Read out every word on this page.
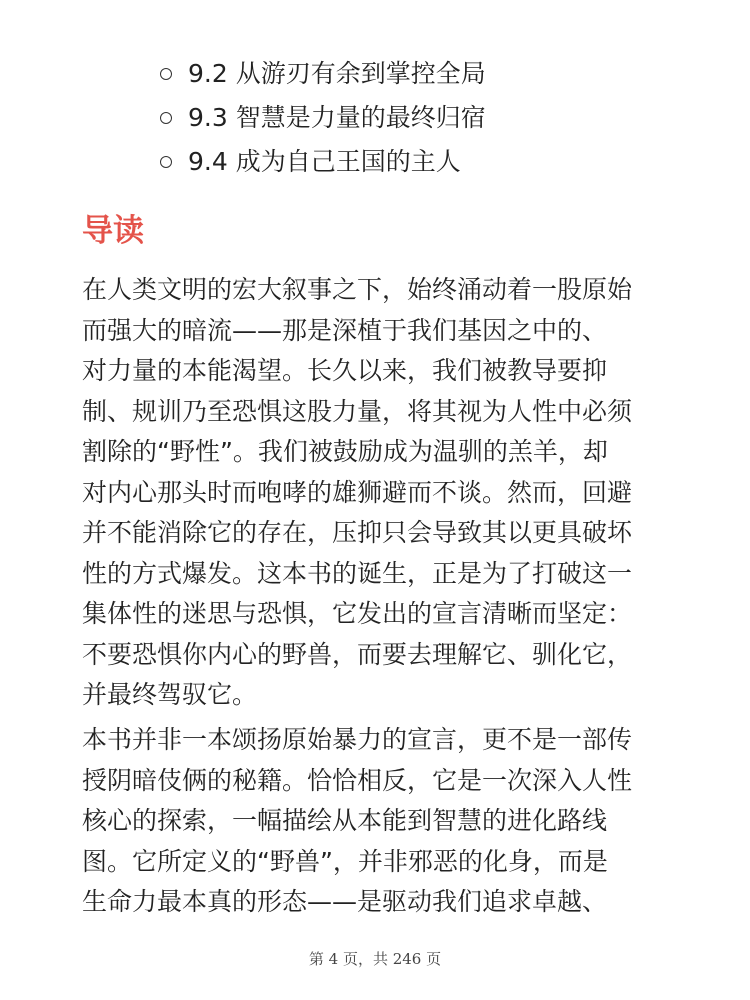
9.2 从游刃有余到掌控全局
9.3 智慧是力量的最终归宿
9.4 成为自己王国的主人
导读

在人类文明的宏大叙事之下，始终涌动着一股原始
而强大的暗流——那是深植于我们基因之中的、
对力量的本能渴望。长久以来，我们被教导要抑
制、规训乃至恐惧这股力量，将其视为人性中必须
割除的“野性”。我们被鼓励成为温驯的羔羊，却
对内心那头时而咆哮的雄狮避而不谈。然而，回避
并不能消除它的存在，压抑只会导致其以更具破坏
性的方式爆发。这本书的诞生，正是为了打破这一
集体性的迷思与恐惧，它发出的宣言清晰而坚定：
不要恐惧你内心的野兽，而要去理解它、驯化它，
并最终驾驭它。

本书并非一本颂扬原始暴力的宣言，更不是一部传
授阴暗伎俩的秘籍。恰恰相反，它是一次深入人性
核心的探索，一幅描绘从本能到智慧的进化路线
图。它所定义的“野兽”，并非邪恶的化身，而是
生命力最本真的形态——是驱动我们追求卓越、

第 4 页，共 246 页
